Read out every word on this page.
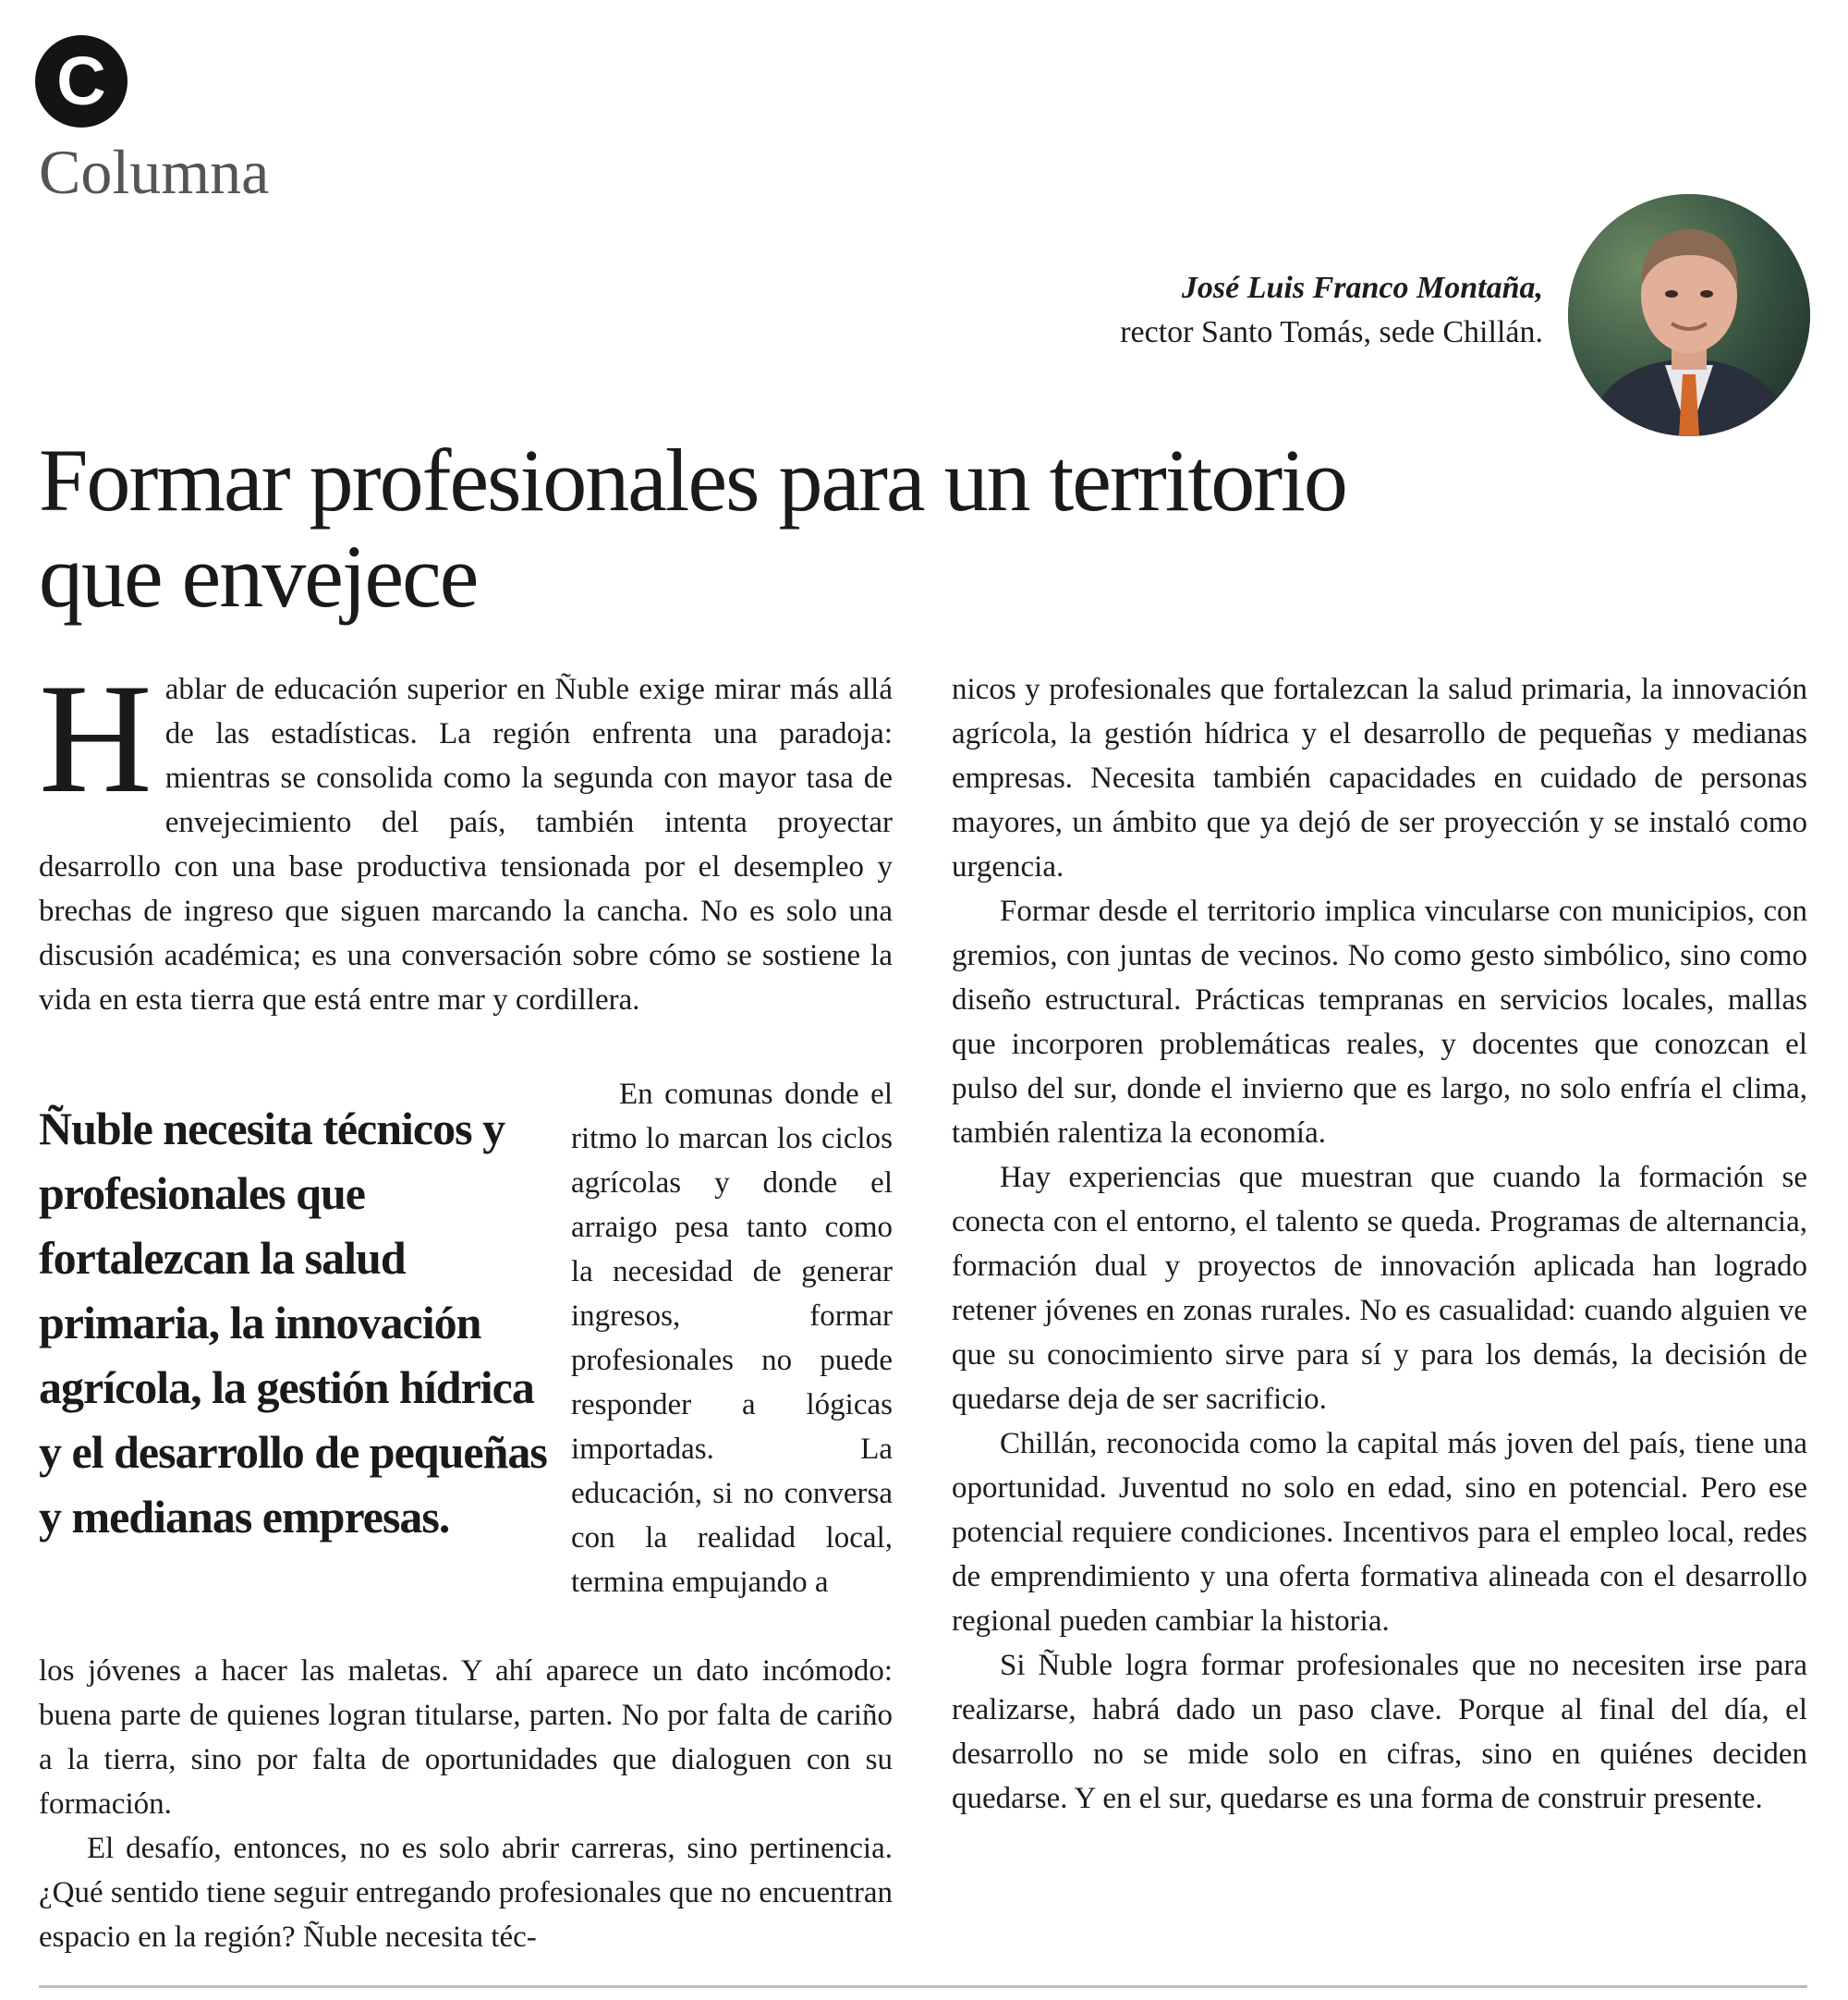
C
Columna
José Luis Franco Montaña,
rector Santo Tomás, sede Chillán.
Formar profesionales para un territorio que envejece
H ablar de educación superior en Ñuble exige mirar más allá de las estadísticas. La región enfrenta una paradoja: mientras se consolida como la segunda con mayor tasa de envejecimiento del país, también intenta proyectar desarrollo con una base productiva tensionada por el desempleo y brechas de ingreso que siguen marcando la cancha. No es solo una discusión académica; es una conversación sobre cómo se sostiene la vida en esta tierra que está entre mar y cordillera.

Ñuble necesita técnicos y profesionales que fortalezcan la salud primaria, la innovación agrícola, la gestión hídrica y el desarrollo de pequeñas y medianas empresas.

En comunas donde el ritmo lo marcan los ciclos agrícolas y donde el arraigo pesa tanto como la necesidad de generar ingresos, formar profesionales no puede responder a lógicas importadas. La educación, si no conversa con la realidad local, termina empujando a

los jóvenes a hacer las maletas. Y ahí aparece un dato incómodo: buena parte de quienes logran titularse, parten. No por falta de cariño a la tierra, sino por falta de oportunidades que dialoguen con su formación.

El desafío, entonces, no es solo abrir carreras, sino pertinencia. ¿Qué sentido tiene seguir entregando profesionales que no encuentran espacio en la región? Ñuble necesita téc-

nicos y profesionales que fortalezcan la salud primaria, la innovación agrícola, la gestión hídrica y el desarrollo de pequeñas y medianas empresas. Necesita también capacidades en cuidado de personas mayores, un ámbito que ya dejó de ser proyección y se instaló como urgencia.

Formar desde el territorio implica vincularse con municipios, con gremios, con juntas de vecinos. No como gesto simbólico, sino como diseño estructural. Prácticas tempranas en servicios locales, mallas que incorporen problemáticas reales, y docentes que conozcan el pulso del sur, donde el invierno que es largo, no solo enfría el clima, también ralentiza la economía.

Hay experiencias que muestran que cuando la formación se conecta con el entorno, el talento se queda. Programas de alternancia, formación dual y proyectos de innovación aplicada han logrado retener jóvenes en zonas rurales. No es casualidad: cuando alguien ve que su conocimiento sirve para sí y para los demás, la decisión de quedarse deja de ser sacrificio.

Chillán, reconocida como la capital más joven del país, tiene una oportunidad. Juventud no solo en edad, sino en potencial. Pero ese potencial requiere condiciones. Incentivos para el empleo local, redes de emprendimiento y una oferta formativa alineada con el desarrollo regional pueden cambiar la historia.

Si Ñuble logra formar profesionales que no necesiten irse para realizarse, habrá dado un paso clave. Porque al final del día, el desarrollo no se mide solo en cifras, sino en quiénes deciden quedarse. Y en el sur, quedarse es una forma de construir presente.
